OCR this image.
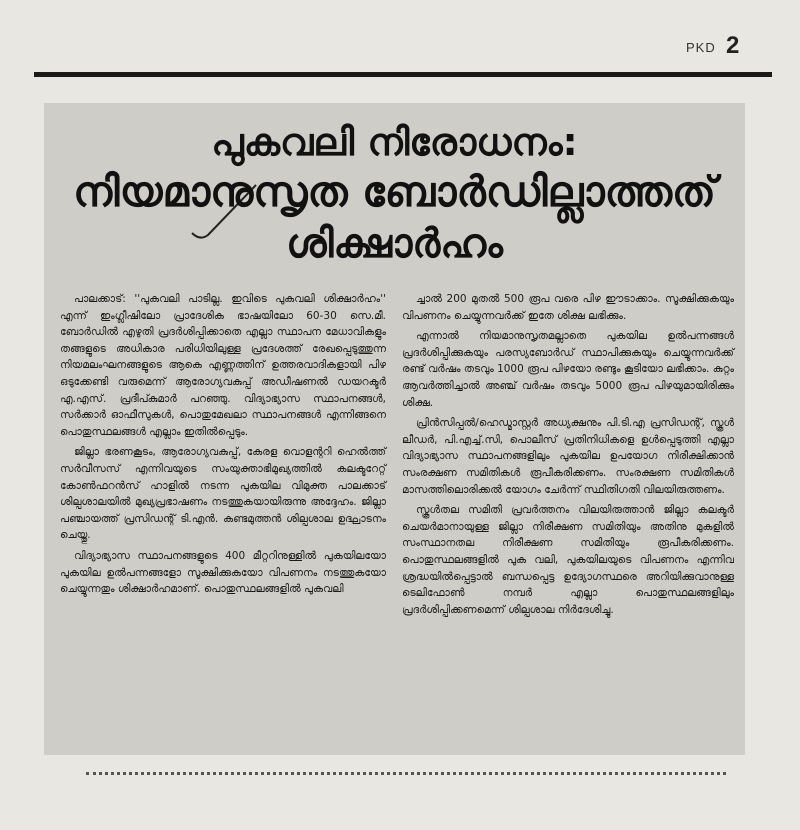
PKD 2
പുകവലി നിരോധനം:
നിയമാനുസൃത ബോർഡില്ലാത്തത്
ശിക്ഷാർഹം

പാലക്കാട്: ''പുകവലി പാടില്ല. ഇവിടെ പുകവലി ശിക്ഷാർഹം'' എന്ന് ഇംഗ്ലീഷിലോ പ്രാദേശിക ഭാഷയിലോ 60-30 സെ.മീ. ബോർഡിൽ എഴുതി പ്രദർശിപ്പിക്കാതെ എല്ലാ സ്ഥാപന മേധാവികളും തങ്ങളുടെ അധികാര പരിധിയിലുള്ള പ്രദേശത്ത് രേഖപ്പെടുത്തുന്ന നിയമലംഘനങ്ങളുടെ ആകെ എണ്ണത്തിന് ഉത്തരവാദികളായി പിഴ ഒടുക്കേണ്ടി വരുമെന്ന് ആരോഗ്യവകുപ്പ് അഡീഷണൽ ഡയറക്ടർ എ.എസ്. പ്രദീപ്കുമാർ പറഞ്ഞു. വിദ്യാഭ്യാസ സ്ഥാപനങ്ങൾ, സർക്കാർ ഓഫീസുകൾ, പൊതുമേഖലാ സ്ഥാപനങ്ങൾ എന്നിങ്ങനെ പൊതുസ്ഥലങ്ങൾ എല്ലാം ഇതിൽപ്പെടും.

ജില്ലാ ഭരണകൂടം, ആരോഗ്യവകുപ്പ്, കേരള വൊളന്ററി ഹെൽത്ത് സർവീസസ് എന്നിവയുടെ സംയുക്താഭിമുഖ്യത്തിൽ കലക്ടറേറ്റ് കോൺഫറൻസ് ഹാളിൽ നടന്ന പുകയില വിമുക്ത പാലക്കാട് ശില്പശാലയിൽ മുഖ്യപ്രഭാഷണം നടത്തുകയായിരുന്നു അദ്ദേഹം. ജില്ലാ പഞ്ചായത്ത് പ്രസിഡന്റ് ടി.എൻ. കണ്ടമുത്തൻ ശില്പശാല ഉദ്ഘാടനം ചെയ്തു.

വിദ്യാഭ്യാസ സ്ഥാപനങ്ങളുടെ 400 മീറ്ററിനുള്ളിൽ പുകയിലയോ പുകയില ഉൽപന്നങ്ങളോ സൂക്ഷിക്കുകയോ വിപണനം നടത്തുകയോ ചെയ്യുന്നതും ശിക്ഷാർഹമാണ്. പൊതുസ്ഥലങ്ങളിൽ പുകവലി

ച്ചാൽ 200 മുതൽ 500 രൂപ വരെ പിഴ ഈടാക്കാം. സൂക്ഷിക്കുകയും വിപണനം ചെയ്യുന്നവർക്ക് ഇതേ ശിക്ഷ ലഭിക്കും.

എന്നാൽ നിയമാനുസൃതമല്ലാതെ പുകയില ഉൽപന്നങ്ങൾ പ്രദർശിപ്പിക്കുകയും പരസ്യബോർഡ് സ്ഥാപിക്കുകയും ചെയ്യുന്നവർക്ക് രണ്ട് വർഷം തടവും 1000 രൂപ പിഴയോ രണ്ടും കൂടിയോ ലഭിക്കാം. കുറ്റം ആവർത്തിച്ചാൽ അഞ്ച് വർഷം തടവും 5000 രൂപ പിഴയുമായിരിക്കും ശിക്ഷ.

പ്രിൻസിപ്പൽ/ഹെഡ്മാസ്റ്റർ അധ്യക്ഷനും പി.ടി.എ പ്രസിഡന്റ്, സ്കൂൾ ലീഡർ, പി.എച്ച്.സി, പൊലീസ് പ്രതിനിധികളെ ഉൾപ്പെടുത്തി എല്ലാ വിദ്യാഭ്യാസ സ്ഥാപനങ്ങളിലും പുകയില ഉപയോഗ നിരീക്ഷിക്കാൻ സംരക്ഷണ സമിതികൾ രൂപീകരിക്കണം. സംരക്ഷണ സമിതികൾ മാസത്തിലൊരിക്കൽ യോഗം ചേർന്ന് സ്ഥിതിഗതി വിലയിരുത്തണം.

സ്കൂൾതല സമിതി പ്രവർത്തനം വിലയിരുത്താൻ ജില്ലാ കലക്ടർ ചെയർമാനായുള്ള ജില്ലാ നിരീക്ഷണ സമിതിയും അതിനു മുകളിൽ സംസ്ഥാനതല നിരീക്ഷണ സമിതിയും രൂപീകരിക്കണം. പൊതുസ്ഥലങ്ങളിൽ പുക വലി, പുകയിലയുടെ വിപണനം എന്നിവ ശ്രദ്ധയിൽപ്പെട്ടാൽ ബന്ധപ്പെട്ട ഉദ്യോഗസ്ഥരെ അറിയിക്കുവാനുള്ള ടെലിഫോൺ നമ്പർ എല്ലാ പൊതുസ്ഥലങ്ങളിലും പ്രദർശിപ്പിക്കണമെന്ന് ശില്പശാല നിർദേശിച്ചു.
